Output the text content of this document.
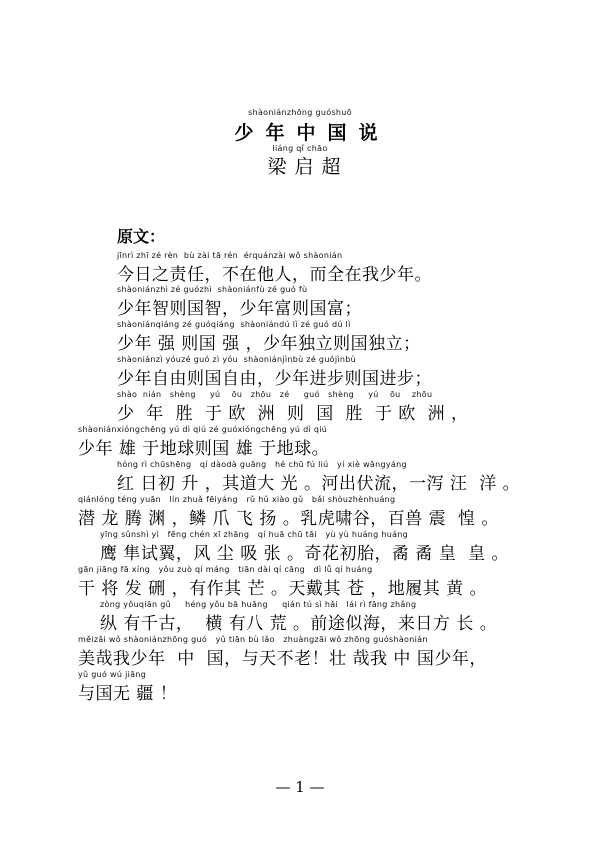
shàoniánzhōng guóshuō
少年中国说
liáng qǐ chāo
梁启超
原文：
jīnrì zhī zé rèn  bù zài tā rén  érquánzài wǒ shàonián
今日之责任，不在他人，而全在我少年。
shàoniánzhì zé guózhì  shàoniánfù zé guó fù
少年智则国智，少年富则国富；
shàoniánqiáng zé guóqiáng  shàoniándú lì zé guó dú lì
少年 强 则国 强 ，少年独立则国独立；
shàoniánzì yóuzé guó zì yóu  shàoniánjìnbù zé guójìnbù
少年自由则国自由，少年进步则国进步；
shào  nián   shèng     yú    ōu   zhōu   zé     guó   shèng     yú    ōu    zhōu
少  年  胜  于 欧  洲  则  国  胜  于 欧  洲 ，
shàoniánxióngchēng yú dì qiú zé guóxióngchēng yú dì qiú
少年 雄 于地球则国 雄 于地球。
hóng rì chūshēng   qí dàodà guāng   hé chū fú liú   yí xiè wāngyáng
红 日初 升 ，其道大 光 。河出伏流，一泻 汪  洋 。
qiánlóng téng yuān   lín zhuǎ fēiyáng   rǔ hǔ xiào gǔ   bǎi shòuzhènhuáng
潜 龙 腾 渊 ，鳞 爪 飞 扬 。乳虎啸谷，百兽 震  惶 。
yīng sǔnshì yì   fēng chén xī zhāng   qí huā chū tāi   yù yù huáng huáng
鹰 隼试翼，风 尘 吸 张 。奇花初胎，矞 矞 皇  皇 。
gān jiāng fā xíng   yǒu zuò qí máng   tiān dài qí cāng   dì lǚ qí huáng
干 将 发 硎 ，有作其 芒 。天戴其 苍 ，地履其 黄 。
zòng yǒuqiān gǔ     héng yǒu bā huāng     qián tú sì hǎi   lái rì fāng zhǎng
纵 有千古，  横 有八 荒 。前途似海，来日方 长 。
měizāi wǒ shàoniánzhōng guó   yǔ tiān bù lǎo   zhuàngzāi wǒ zhōng guóshàonián
美哉我少年  中  国，与天不老！壮 哉我 中 国少年，
yǔ guó wú jiāng
与国无 疆 ！
— 1 —
